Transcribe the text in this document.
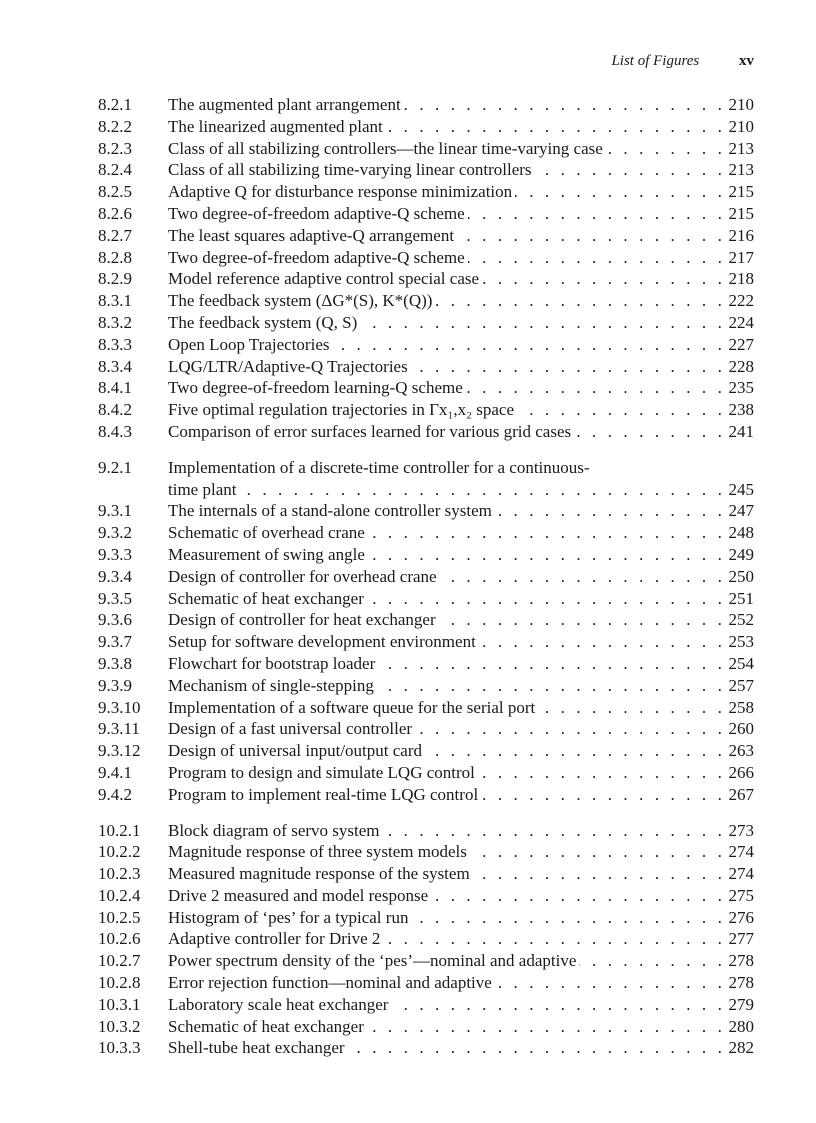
List of Figures	xv
8.2.1	The augmented plant arrangement . . .	210
8.2.2	The linearized augmented plant . . .	210
8.2.3	Class of all stabilizing controllers—the linear time-varying case . . .	213
8.2.4	Class of all stabilizing time-varying linear controllers . . .	213
8.2.5	Adaptive Q for disturbance response minimization . . .	215
8.2.6	Two degree-of-freedom adaptive-Q scheme . . .	215
8.2.7	The least squares adaptive-Q arrangement . . .	216
8.2.8	Two degree-of-freedom adaptive-Q scheme . . .	217
8.2.9	Model reference adaptive control special case . . .	218
8.3.1	The feedback system (ΔG*(S), K*(Q)) . . .	222
8.3.2	The feedback system (Q, S) . . .	224
8.3.3	Open Loop Trajectories . . .	227
8.3.4	LQG/LTR/Adaptive-Q Trajectories . . .	228
8.4.1	Two degree-of-freedom learning-Q scheme . . .	235
8.4.2	Five optimal regulation trajectories in Γx₁,x₂ space . . .	238
8.4.3	Comparison of error surfaces learned for various grid cases . . .	241
9.2.1	Implementation of a discrete-time controller for a continuous-
time plant . . .	245
9.3.1	The internals of a stand-alone controller system . . .	247
9.3.2	Schematic of overhead crane . . .	248
9.3.3	Measurement of swing angle . . .	249
9.3.4	Design of controller for overhead crane . . .	250
9.3.5	Schematic of heat exchanger . . .	251
9.3.6	Design of controller for heat exchanger . . .	252
9.3.7	Setup for software development environment . . .	253
9.3.8	Flowchart for bootstrap loader . . .	254
9.3.9	Mechanism of single-stepping . . .	257
9.3.10	Implementation of a software queue for the serial port . . .	258
9.3.11	Design of a fast universal controller . . .	260
9.3.12	Design of universal input/output card . . .	263
9.4.1	Program to design and simulate LQG control . . .	266
9.4.2	Program to implement real-time LQG control . . .	267
10.2.1	Block diagram of servo system . . .	273
10.2.2	Magnitude response of three system models . . .	274
10.2.3	Measured magnitude response of the system . . .	274
10.2.4	Drive 2 measured and model response . . .	275
10.2.5	Histogram of ‘pes’ for a typical run . . .	276
10.2.6	Adaptive controller for Drive 2 . . .	277
10.2.7	Power spectrum density of the ‘pes’—nominal and adaptive . . .	278
10.2.8	Error rejection function—nominal and adaptive . . .	278
10.3.1	Laboratory scale heat exchanger . . .	279
10.3.2	Schematic of heat exchanger . . .	280
10.3.3	Shell-tube heat exchanger . . .	282
